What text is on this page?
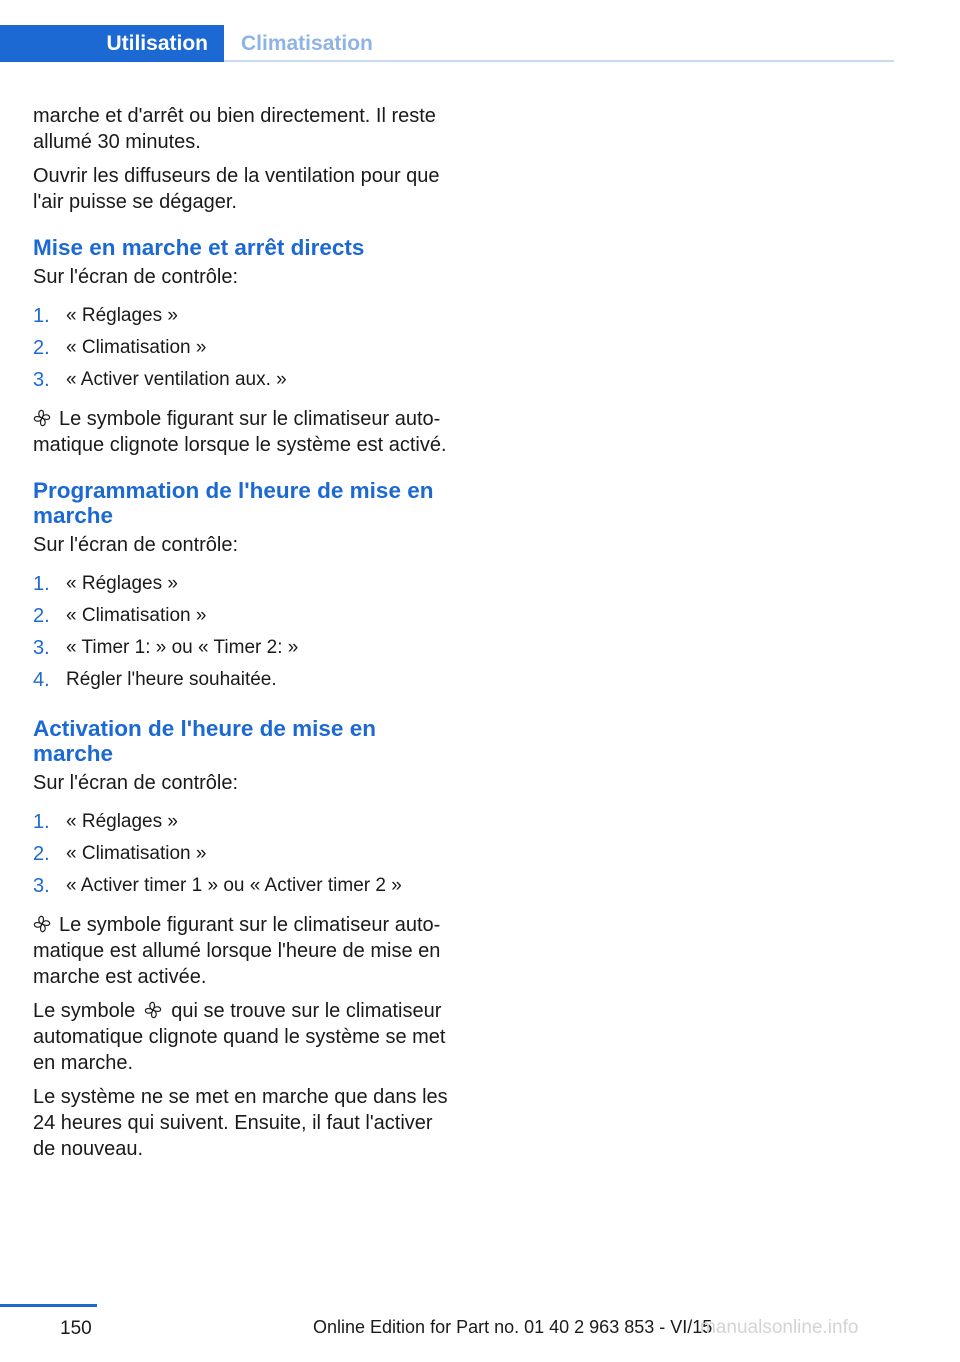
Utilisation	Climatisation

marche et d'arrêt ou bien directement. Il reste allumé 30 minutes.

Ouvrir les diffuseurs de la ventilation pour que l'air puisse se dégager.

Mise en marche et arrêt directs

Sur l'écran de contrôle:

1. « Réglages »
2. « Climatisation »
3. « Activer ventilation aux. »

Le symbole figurant sur le climatiseur automatique clignote lorsque le système est activé.

Programmation de l'heure de mise en marche

Sur l'écran de contrôle:

1. « Réglages »
2. « Climatisation »
3. « Timer 1: » ou « Timer 2: »
4. Régler l'heure souhaitée.
Activation de l'heure de mise en marche

Sur l'écran de contrôle:

1. « Réglages »
2. « Climatisation »
3. « Activer timer 1 » ou « Activer timer 2 »

Le symbole figurant sur le climatiseur automatique est allumé lorsque l'heure de mise en marche est activée.

Le symbole qui se trouve sur le climatiseur automatique clignote quand le système se met en marche.

Le système ne se met en marche que dans les 24 heures qui suivent. Ensuite, il faut l'activer de nouveau.

150	Online Edition for Part no. 01 40 2 963 853 - VI/15
manualsonline.info
